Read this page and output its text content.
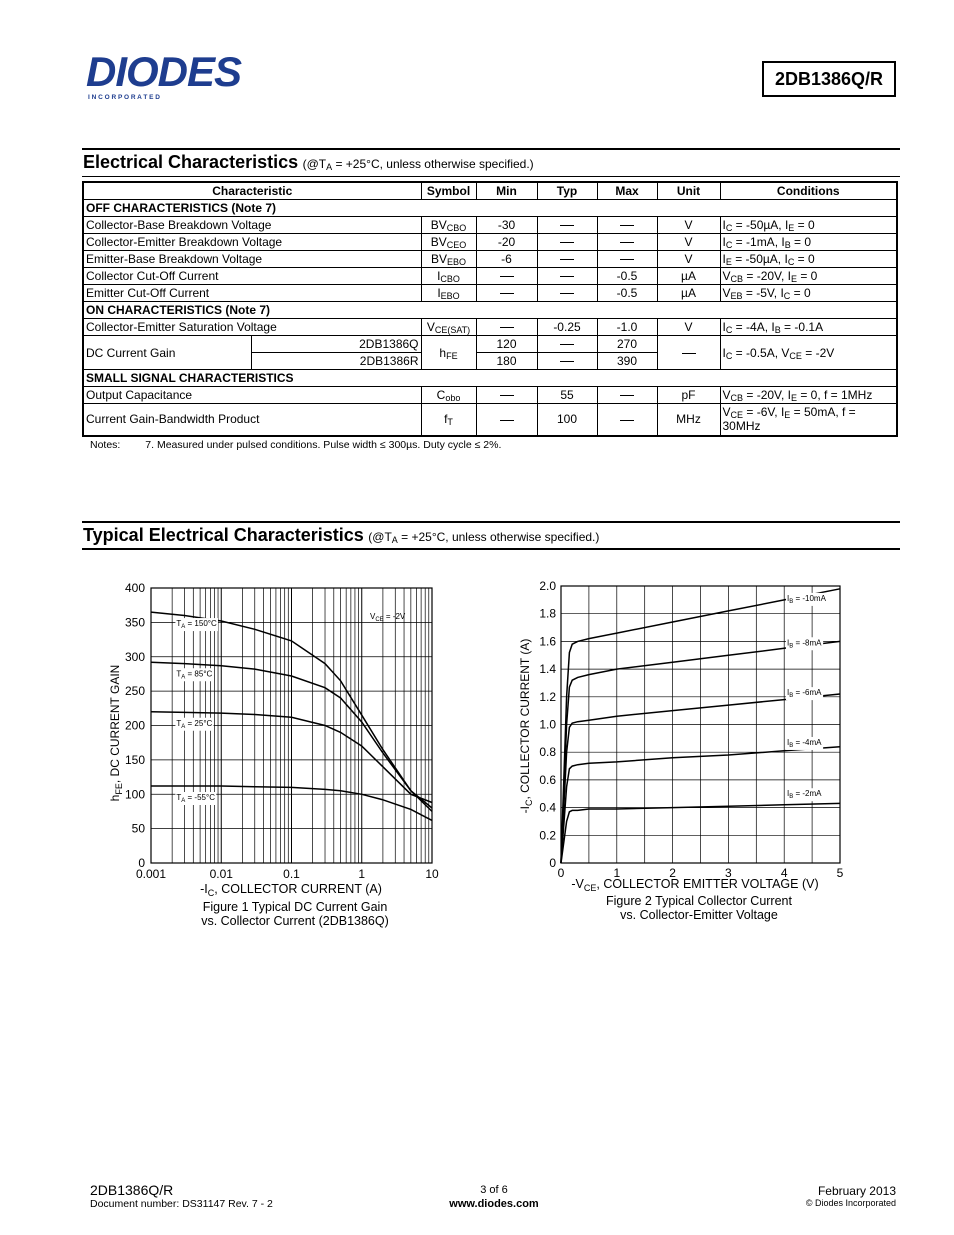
DIODES
I N C O R P O R A T E D
2DB1386Q/R
Electrical Characteristics ($@T_A = +25^\circ C$, unless otherwise specified.)
Characteristic		Symbol	Min	Typ	Max	Unit	Conditions
OFF CHARACTERISTICS (Note 7)							
Collector-Base Breakdown Voltage		$BV_{CBO}$	-30			V	$I_C = -50\mu A$, $I_E = 0$
Collector-Emitter Breakdown Voltage		$BV_{CEO}$	-20			V	$I_C = -1mA$, $I_B = 0$
Emitter-Base Breakdown Voltage		$BV_{EBO}$	-6			V	$I_E = -50\mu A$, $I_C = 0$
Collector Cut-Off Current		$I_{CBO}$			-0.5	µA	$V_{CB} = -20V$, $I_E = 0$
Emitter Cut-Off Current		$I_{EBO}$			-0.5	µA	$V_{EB} = -5V$, $I_C = 0$
ON CHARACTERISTICS (Note 7)							
Collector-Emitter Saturation Voltage		$V_{CE(SAT)}$		-0.25	-1.0	V	$I_C = -4A$, $I_B = -0.1A$
DC Current Gain	2DB1386Q	$h_{FE}$	120		270		$I_C = -0.5A$, $V_{CE} = -2V$
	2DB1386R		180		390		
SMALL SIGNAL CHARACTERISTICS							
Output Capacitance		$C_{obo}$		55		pF	$V_{CB} = -20V$, $I_E = 0$, f = 1MHz
Current Gain-Bandwidth Product		$f_T$		100		MHz	$V_{CE} = -6V$, $I_E = 50mA$, f = 30MHz
Notes: 7. Measured under pulsed conditions. Pulse width ≤ 300µs. Duty cycle ≤ 2%.
Typical Electrical Characteristics ($@T_A = +25^\circ C$, unless otherwise specified.)
$T_A = 150^\circ C$
$T_A = 85^\circ C$
$T_A = 25^\circ C$
$T_A = -55^\circ C$
0
50
100
150
200
250
300
350
400
0.001	0.01	0.1	1	10
$V_{CE} = -2V$
$-I_C$, COLLECTOR CURRENT (A)
$h_{FE}$, DC CURRENT GAIN
Figure 1 Typical DC Current Gain
vs. Collector Current (2DB1386Q)
$I_B = -10mA$
$I_B = -8mA$
$I_B = -6mA$
$I_B = -4mA$
$I_B = -2mA$
0
0.2
0.4
0.6
0.8
1.0
1.2
1.4
1.6
1.8
2.0
0	1	2	3	4	5
$-V_{CE}$, COLLECTOR EMITTER VOLTAGE (V)
$-I_C$, COLLECTOR CURRENT (A)
Figure 2 Typical Collector Current
vs. Collector-Emitter Voltage
2DB1386Q/R
Document number: DS31147 Rev. 7 - 2
3 of 6
www.diodes.com
February 2013
© Diodes Incorporated
